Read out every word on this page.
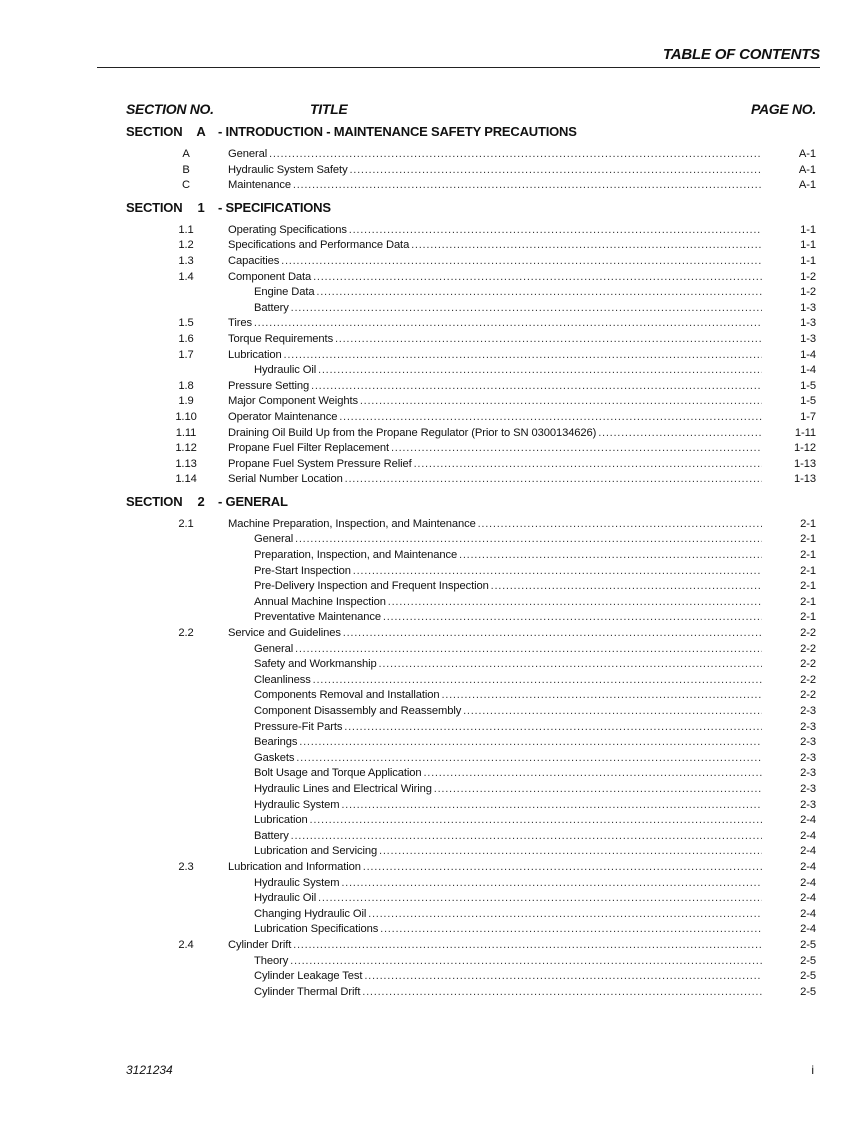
TABLE OF CONTENTS
SECTION NO.	TITLE	PAGE NO.
SECTION	A - INTRODUCTION - MAINTENANCE SAFETY PRECAUTIONS
A	General . . .	A-1
B	Hydraulic System Safety . . .	A-1
C	Maintenance . . .	A-1
SECTION	1	- SPECIFICATIONS
1.1	Operating Specifications . . .	1-1
1.2	Specifications and Performance Data . . .	1-1
1.3	Capacities . . .	1-1
1.4	Component Data . . .	1-2
Engine Data . . .	1-2
Battery . . .	1-3
1.5	Tires . . .	1-3
1.6	Torque Requirements . . .	1-3
1.7	Lubrication . . .	1-4
Hydraulic Oil . . .	1-4
1.8	Pressure Setting . . .	1-5
1.9	Major Component Weights . . .	1-5
1.10	Operator Maintenance . . .	1-7
1.11	Draining Oil Build Up from the Propane Regulator (Prior to SN 0300134626) . . .	1-11
1.12	Propane Fuel Filter Replacement . . .	1-12
1.13	Propane Fuel System Pressure Relief . . .	1-13
1.14	Serial Number Location . . .	1-13
SECTION	2	- GENERAL
2.1	Machine Preparation, Inspection, and Maintenance . . .	2-1
General . . .	2-1
Preparation, Inspection, and Maintenance . . .	2-1
Pre-Start Inspection . . .	2-1
Pre-Delivery Inspection and Frequent Inspection . . .	2-1
Annual Machine Inspection . . .	2-1
Preventative Maintenance . . .	2-1
2.2	Service and Guidelines . . .	2-2
General . . .	2-2
Safety and Workmanship . . .	2-2
Cleanliness . . .	2-2
Components Removal and Installation . . .	2-2
Component Disassembly and Reassembly . . .	2-3
Pressure-Fit Parts . . .	2-3
Bearings . . .	2-3
Gaskets . . .	2-3
Bolt Usage and Torque Application . . .	2-3
Hydraulic Lines and Electrical Wiring . . .	2-3
Hydraulic System . . .	2-3
Lubrication . . .	2-4
Battery . . .	2-4
Lubrication and Servicing . . .	2-4
2.3	Lubrication and Information . . .	2-4
Hydraulic System . . .	2-4
Hydraulic Oil . . .	2-4
Changing Hydraulic Oil . . .	2-4
Lubrication Specifications . . .	2-4
2.4	Cylinder Drift . . .	2-5
Theory . . .	2-5
Cylinder Leakage Test . . .	2-5
Cylinder Thermal Drift . . .	2-5
3121234	i
